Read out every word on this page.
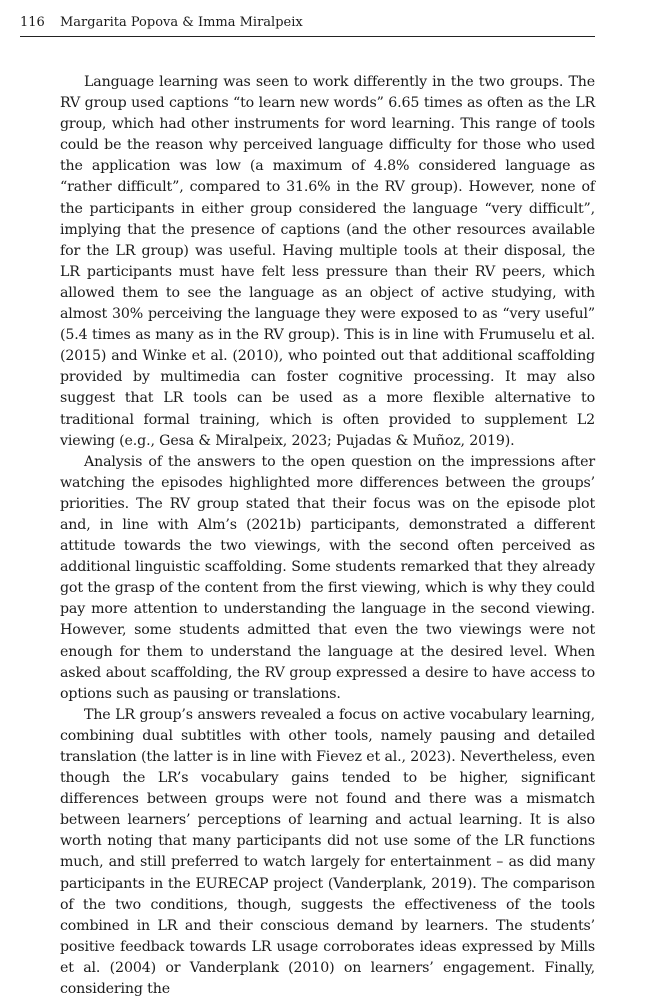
116	Margarita Popova & Imma Miralpeix

Language learning was seen to work differently in the two groups. The RV group used captions “to learn new words” 6.65 times as often as the LR group, which had other instruments for word learning. This range of tools could be the reason why perceived language difficulty for those who used the application was low (a maximum of 4.8% considered language as “rather difficult”, compared to 31.6% in the RV group). However, none of the participants in either group considered the language “very difficult”, implying that the presence of captions (and the other resources available for the LR group) was useful. Having multiple tools at their disposal, the LR participants must have felt less pressure than their RV peers, which allowed them to see the language as an object of active studying, with almost 30% perceiving the language they were exposed to as “very useful” (5.4 times as many as in the RV group). This is in line with Frumuselu et al. (2015) and Winke et al. (2010), who pointed out that additional scaffolding provided by multimedia can foster cognitive processing. It may also suggest that LR tools can be used as a more flexible alternative to traditional formal training, which is often provided to supplement L2 viewing (e.g., Gesa & Miralpeix, 2023; Pujadas & Muñoz, 2019).

Analysis of the answers to the open question on the impressions after watching the episodes highlighted more differences between the groups’ priorities. The RV group stated that their focus was on the episode plot and, in line with Alm’s (2021b) participants, demonstrated a different attitude towards the two viewings, with the second often perceived as additional linguistic scaffolding. Some students remarked that they already got the grasp of the content from the first viewing, which is why they could pay more attention to understanding the language in the second viewing. However, some students admitted that even the two viewings were not enough for them to understand the language at the desired level. When asked about scaffolding, the RV group expressed a desire to have access to options such as pausing or translations.

The LR group’s answers revealed a focus on active vocabulary learning, combining dual subtitles with other tools, namely pausing and detailed translation (the latter is in line with Fievez et al., 2023). Nevertheless, even though the LR’s vocabulary gains tended to be higher, significant differences between groups were not found and there was a mismatch between learners’ perceptions of learning and actual learning. It is also worth noting that many participants did not use some of the LR functions much, and still preferred to watch largely for entertainment – as did many participants in the EURECAP project (Vanderplank, 2019). The comparison of the two conditions, though, suggests the effectiveness of the tools combined in LR and their conscious demand by learners. The students’ positive feedback towards LR usage corroborates ideas expressed by Mills et al. (2004) or Vanderplank (2010) on learners’ engagement. Finally, considering the
